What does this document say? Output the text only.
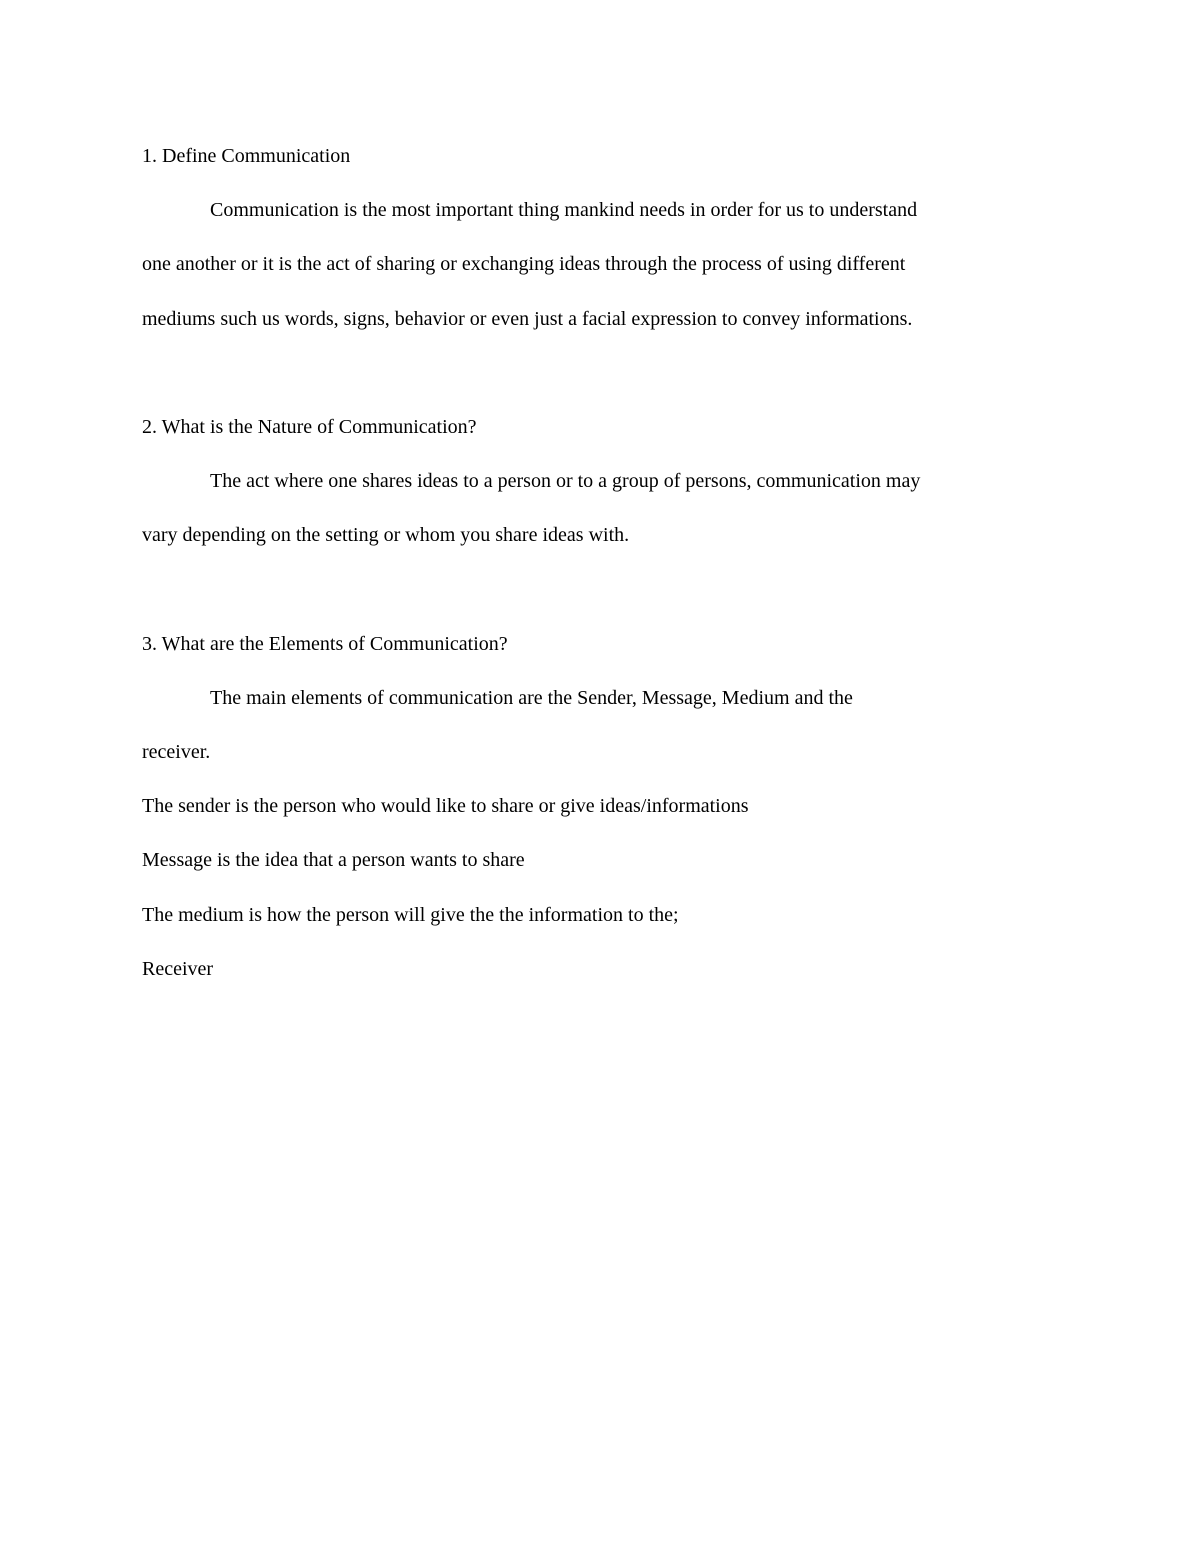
1. Define Communication
Communication is the most important thing mankind needs in order for us to understand
one another or it is the act of sharing or exchanging ideas through the process of using different
mediums such us words, signs, behavior or even just a facial expression to convey informations.
2. What is the Nature of Communication?
The act where one shares ideas to a person or to a group of persons, communication may
vary depending on the setting or whom you share ideas with.
3. What are the Elements of Communication?
The main elements of communication are the Sender, Message, Medium and the
receiver.
The sender is the person who would like to share or give ideas/informations
Message is the idea that a person wants to share
The medium is how the person will give the the information to the;
Receiver
